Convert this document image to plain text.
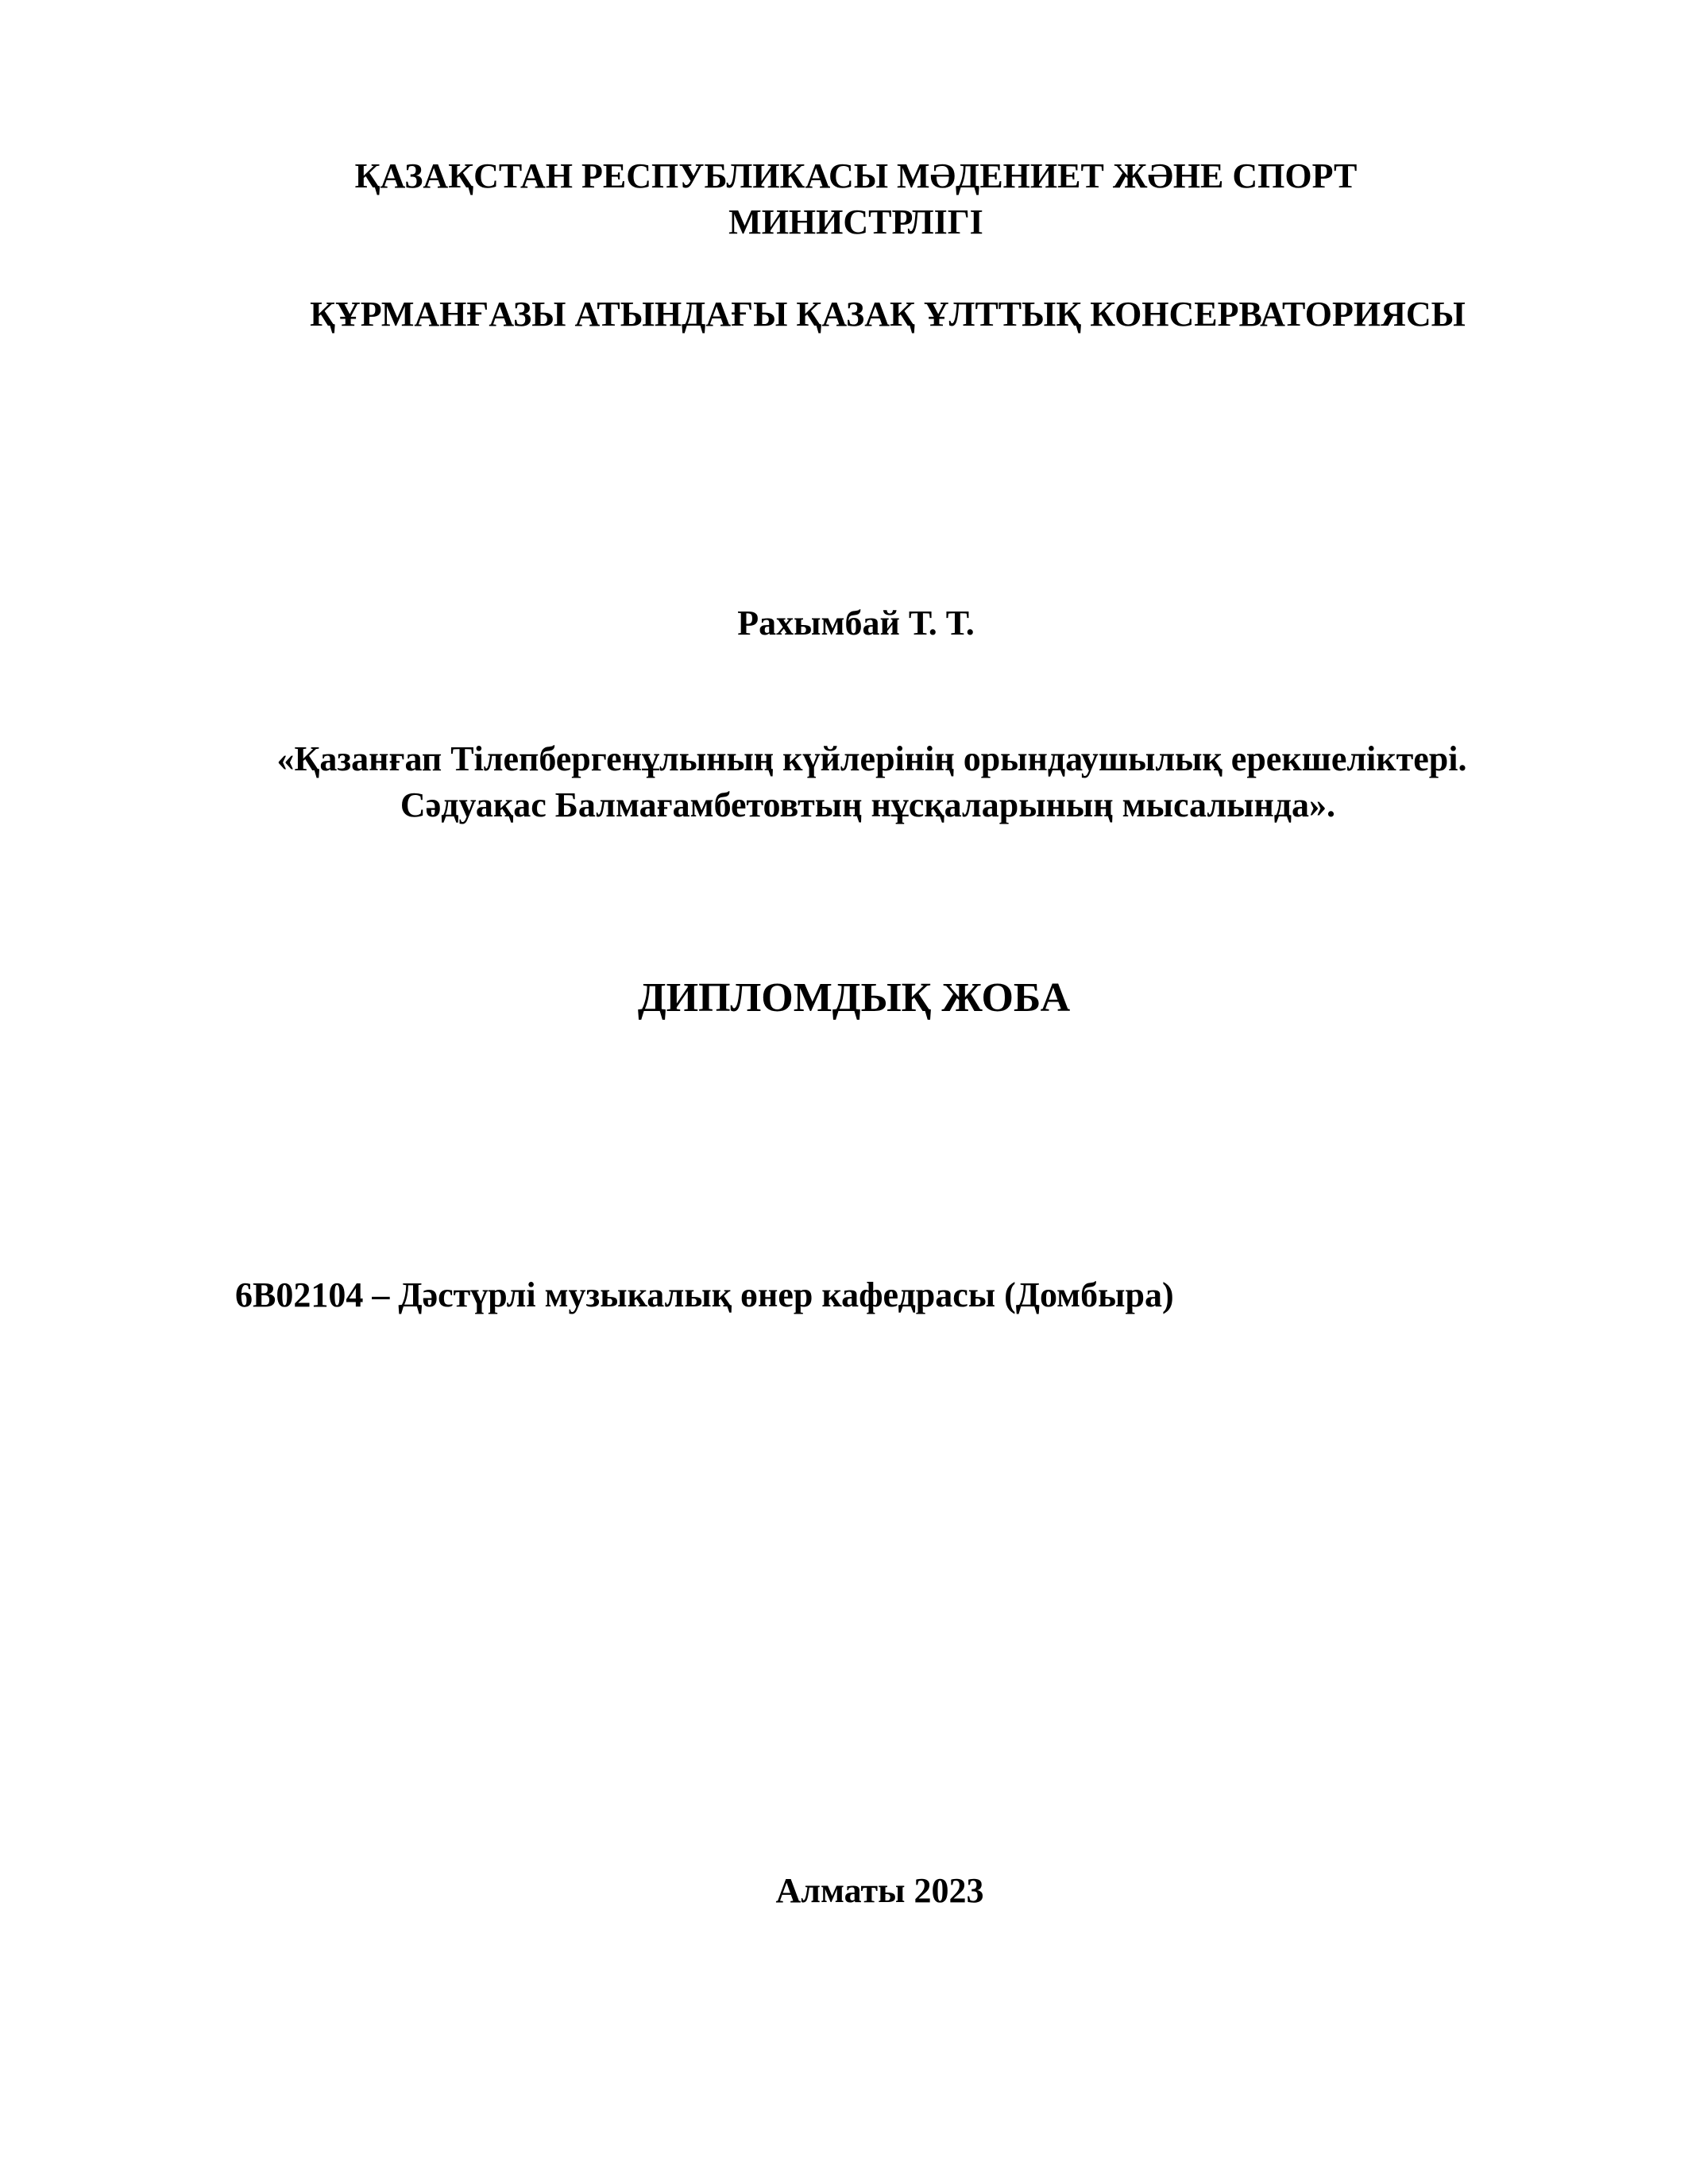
ҚАЗАҚСТАН РЕСПУБЛИКАСЫ МӘДЕНИЕТ ЖӘНЕ СПОРТ
МИНИСТРЛІГІ
ҚҰРМАНҒАЗЫ АТЫНДАҒЫ ҚАЗАҚ ҰЛТТЫҚ КОНСЕРВАТОРИЯСЫ
Рахымбай Т. Т.
«Қазанғап Тілепбергенұлының күйлерінің орындаушылық ерекшеліктері.
Сәдуақас Балмағамбетовтың нұсқаларының мысалында».
ДИПЛОМДЫҚ ЖОБА
6В02104 – Дәстүрлі музыкалық өнер кафедрасы (Домбыра)
Алматы 2023
